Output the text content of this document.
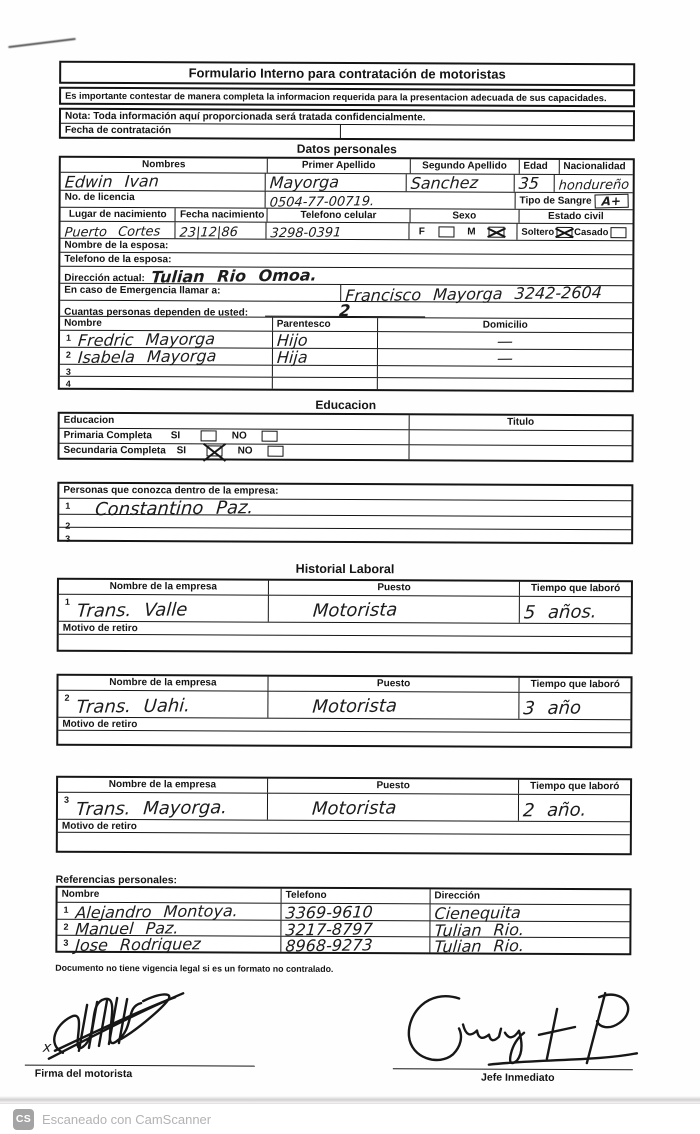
Formulario Interno para contratación de motoristas
Es importante contestar de manera completa la informacion requerida para la presentacion adecuada de sus capacidades.
Nota: Toda información aquí proporcionada será tratada confidencialmente.
Fecha de contratación
Datos personales
Nombres	Primer Apellido	Segundo Apellido	Edad	Nacionalidad
Edwin Ivan	Mayorga	Sanchez	35	hondureño
No. de licencia	0504-77-00719.	Tipo de Sangre A+
Lugar de nacimiento	Fecha nacimiento	Telefono celular	Sexo	Estado civil
Puerto Cortes	23|12|86	3298-0391	F	M	Soltero Casado
Nombre de la esposa:
Telefono de la esposa:
Dirección actual: Tulian Rio Omoa.
En caso de Emergencia llamar a:	Francisco Mayorga 3242-2604
Cuantas personas dependen de usted:	2
Nombre	Parentesco	Domicilio
1 Fredric Mayorga	Hijo	—
2 Isabela Mayorga	Hija	—
3
4
Educacion
Educacion	Titulo
Primaria Completa SI	NO
Secundaria Completa SI	NO
Personas que conozca dentro de la empresa:
1	Constantino Paz.
2
3
Historial Laboral
Nombre de la empresa	Puesto	Tiempo que laboró
1 Trans. Valle	Motorista	5 años.
Motivo de retiro
Nombre de la empresa	Puesto	Tiempo que laboró
2 Trans. Uahi.	Motorista	3 año
Motivo de retiro
Nombre de la empresa	Puesto	Tiempo que laboró
3 Trans. Mayorga.	Motorista	2 año.
Motivo de retiro
Referencias personales:
Nombre	Telefono	Dirección
1 Alejandro Montoya.	3369-9610	Cienequita
2 Manuel Paz.	3217-8797	Tulian Rio.
3 Jose Rodriguez	8968-9273	Tulian Rio.
Documento no tiene vigencia legal si es un formato no contralado.
x
Firma del motorista	Jefe Inmediato
CS Escaneado con CamScanner
